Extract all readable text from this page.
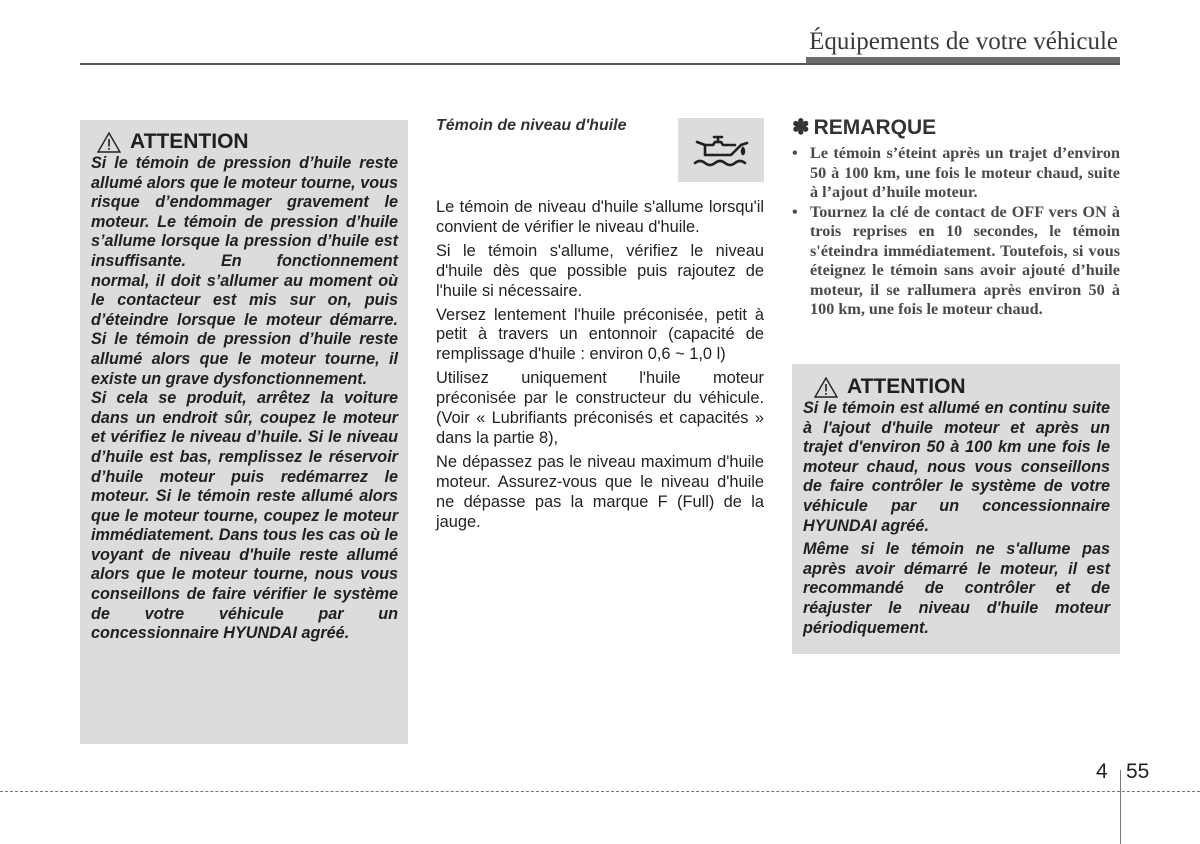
Équipements de votre véhicule
ATTENTION

Si le témoin de pression d’huile reste allumé alors que le moteur tourne, vous risque d’endommager gravement le moteur. Le témoin de pression d’huile s’allume lorsque la pression d’huile est insuffisante. En fonctionnement normal, il doit s’allumer au moment où le contacteur est mis sur on, puis d’éteindre lorsque le moteur démarre. Si le témoin de pression d’huile reste allumé alors que le moteur tourne, il existe un grave dysfonctionnement.

Si cela se produit, arrêtez la voiture dans un endroit sûr, coupez le moteur et vérifiez le niveau d’huile. Si le niveau d’huile est bas, remplissez le réservoir d’huile moteur puis redémarrez le moteur. Si le témoin reste allumé alors que le moteur tourne, coupez le moteur immédiatement. Dans tous les cas où le voyant de niveau d'huile reste allumé alors que le moteur tourne, nous vous conseillons de faire vérifier le système de votre véhicule par un concessionnaire HYUNDAI agréé.

Témoin de niveau d'huile

Le témoin de niveau d'huile s'allume lorsqu'il convient de vérifier le niveau d'huile.

Si le témoin s'allume, vérifiez le niveau d'huile dès que possible puis rajoutez de l'huile si nécessaire.

Versez lentement l'huile préconisée, petit à petit à travers un entonnoir (capacité de remplissage d'huile : environ 0,6 ~ 1,0 l)

Utilisez uniquement l'huile moteur préconisée par le constructeur du véhicule. (Voir « Lubrifiants préconisés et capacités » dans la partie 8),

Ne dépassez pas le niveau maximum d'huile moteur. Assurez-vous que le niveau d'huile ne dépasse pas la marque F (Full) de la jauge.

✽ REMARQUE
• Le témoin s’éteint après un trajet d’environ 50 à 100 km, une fois le moteur chaud, suite à l’ajout d’huile moteur.
• Tournez la clé de contact de OFF vers ON à trois reprises en 10 secondes, le témoin s'éteindra immédiatement. Toutefois, si vous éteignez le témoin sans avoir ajouté d’huile moteur, il se rallumera après environ 50 à 100 km, une fois le moteur chaud.
ATTENTION

Si le témoin est allumé en continu suite à l'ajout d'huile moteur et après un trajet d'environ 50 à 100 km une fois le moteur chaud, nous vous conseillons de faire contrôler le système de votre véhicule par un concessionnaire HYUNDAI agréé.

Même si le témoin ne s'allume pas après avoir démarré le moteur, il est recommandé de contrôler et de réajuster le niveau d'huile moteur périodiquement.

4 55
